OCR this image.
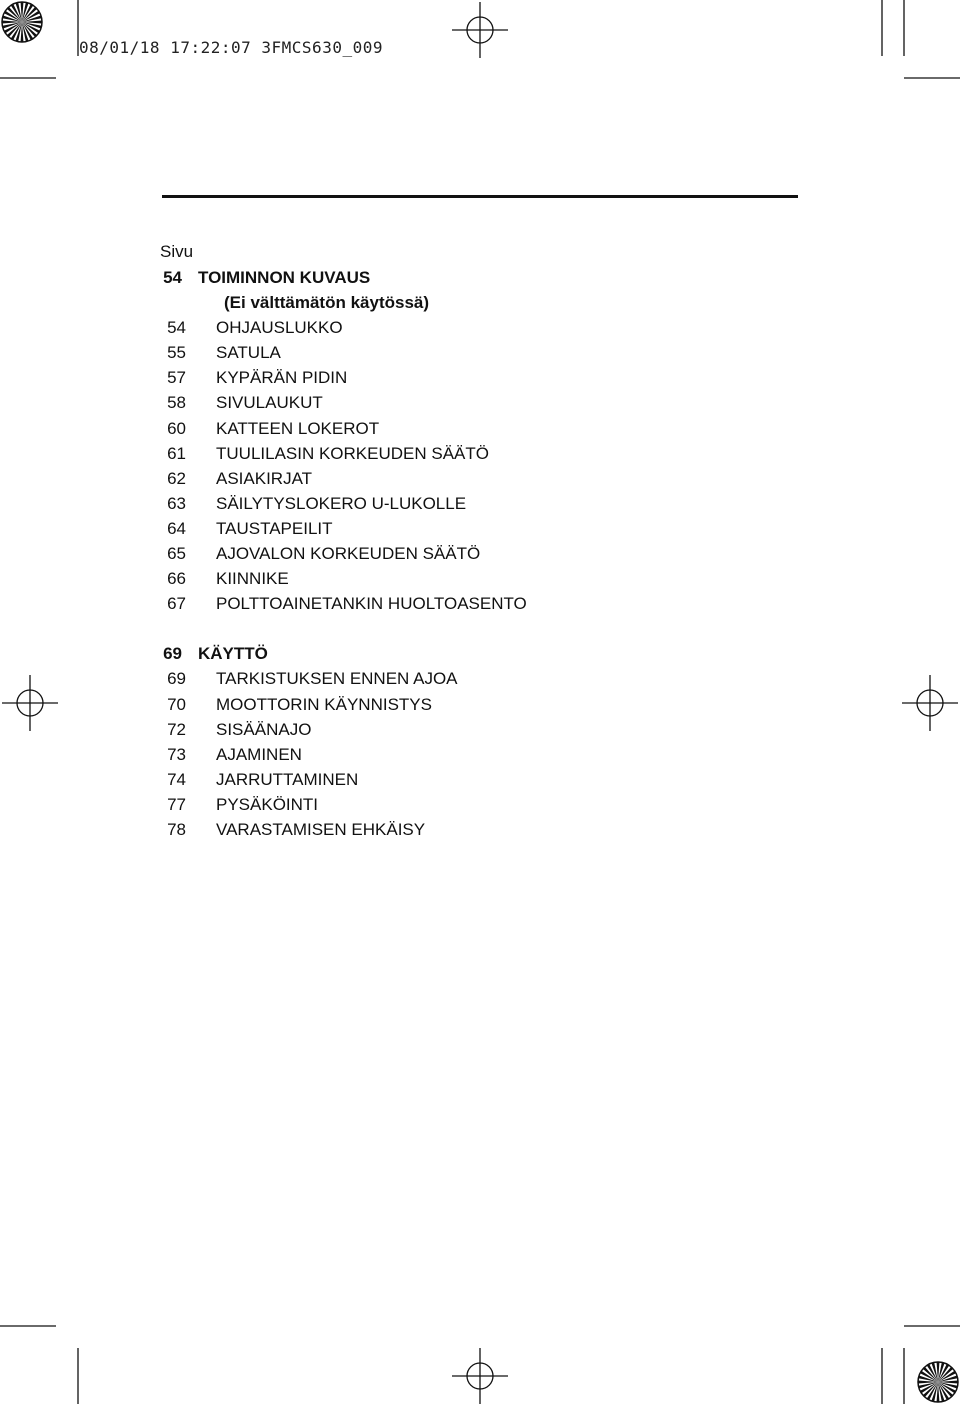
08/01/18 17:22:07 3FMCS630_009
Sivu
54 TOIMINNON KUVAUS
(Ei välttämätön käytössä)
54 OHJAUSLUKKO
55 SATULA
57 KYPÄRÄN PIDIN
58 SIVULAUKUT
60 KATTEEN LOKEROT
61 TUULILASIN KORKEUDEN SÄÄTÖ
62 ASIAKIRJAT
63 SÄILYTYSLOKERO U-LUKOLLE
64 TAUSTAPEILIT
65 AJOVALON KORKEUDEN SÄÄTÖ
66 KIINNIKE
67 POLTTOAINETANKIN HUOLTOASENTO
69 KÄYTTÖ
69 TARKISTUKSEN ENNEN AJOA
70 MOOTTORIN KÄYNNISTYS
72 SISÄÄNAJO
73 AJAMINEN
74 JARRUTTAMINEN
77 PYSÄKÖINTI
78 VARASTAMISEN EHKÄISY
